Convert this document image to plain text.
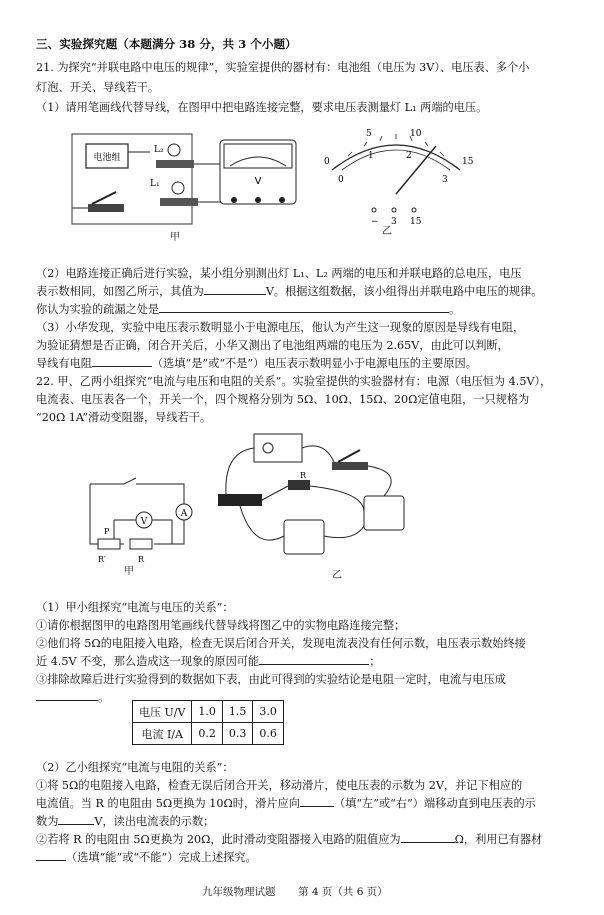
三、实验探究题（本题满分 38 分，共 3 个小题）
21. 为探究“并联电路中电压的规律”，实验室提供的器材有：电池组（电压为 3V）、电压表、多个小
灯泡、开关、导线若干。
（1）请用笔画线代替导线，在图甲中把电路连接完整，要求电压表测量灯 L₁ 两端的电压。
电池组
L₂
L₁	V
甲
5	10
1	2
0	15
0	3
− 3 15
乙
（2）电路连接正确后进行实验，某小组分别测出灯 L₁、L₂ 两端的电压和并联电路的总电压，电压
表示数相同，如图乙所示，其值为	V。根据这组数据，该小组得出并联电路中电压的规律。
你认为实验的疏漏之处是	。
（3）小华发现，实验中电压表示数明显小于电源电压，他认为产生这一现象的原因是导线有电阻，
为验证猜想是否正确，闭合开关后，小华又测出了电池组两端的电压为 2.65V，由此可以判断，
导线有电阻	（选填“是”或“不是”）电压表示数明显小于电源电压的主要原因。
22. 甲、乙两小组探究“电流与电压和电阻的关系”。实验室提供的实验器材有：电源（电压恒为 4.5V），
电流表、电压表各一个，开关一个，四个规格分别为 5Ω、10Ω、15Ω、20Ω定值电阻，一只规格为
“20Ω 1A”滑动变阻器，导线若干。
A
V
P
R′	R
甲
R
乙
（1）甲小组探究“电流与电压的关系”：
①请你根据图甲的电路图用笔画线代替导线将图乙中的实物电路连接完整；
②他们将 5Ω的电阻接入电路，检查无误后闭合开关，发现电流表没有任何示数，电压表示数始终接
近 4.5V 不变，那么造成这一现象的原因可能	；
③排除故障后进行实验得到的数据如下表，由此可得到的实验结论是电阻一定时，电流与电压成
。
电压 U/V	1.0	1.5	3.0
电流 I/A	0.2	0.3	0.6
（2）乙小组探究“电流与电阻的关系”：
①将 5Ω的电阻接入电路，检查无误后闭合开关，移动滑片，使电压表的示数为 2V，并记下相应的
电流值。当 R 的电阻由 5Ω更换为 10Ω时，滑片应向	（填“左”或“右”）端移动直到电压表的示
数为	V，读出电流表的示数；
②若将 R 的电阻由 5Ω更换为 20Ω，此时滑动变阻器接入电路的阻值应为	Ω，利用已有器材
（选填“能”或“不能”）完成上述探究。
九年级物理试题 第 4 页（共 6 页）
